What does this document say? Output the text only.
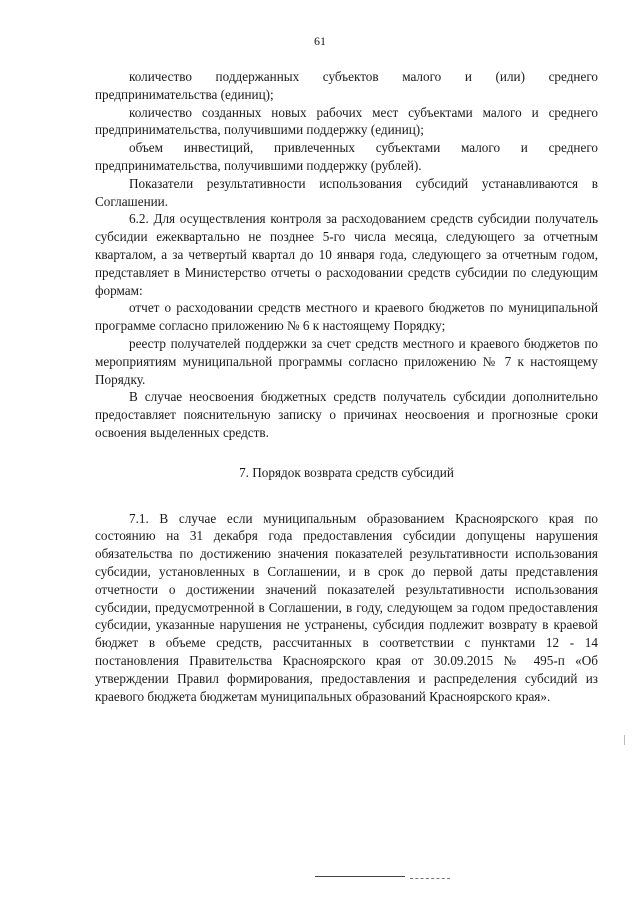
61

количество поддержанных субъектов малого и (или) среднего предпринимательства (единиц);

количество созданных новых рабочих мест субъектами малого и среднего предпринимательства, получившими поддержку (единиц);

объем инвестиций, привлеченных субъектами малого и среднего предпринимательства, получившими поддержку (рублей).

Показатели результативности использования субсидий устанавливаются в Соглашении.

6.2. Для осуществления контроля за расходованием средств субсидии получатель субсидии ежеквартально не позднее 5-го числа месяца, следующего за отчетным кварталом, а за четвертый квартал до 10 января года, следующего за отчетным годом, представляет в Министерство отчеты о расходовании средств субсидии по следующим формам:

отчет о расходовании средств местного и краевого бюджетов по муниципальной программе согласно приложению № 6 к настоящему Порядку;

реестр получателей поддержки за счет средств местного и краевого бюджетов по мероприятиям муниципальной программы согласно приложению № 7 к настоящему Порядку.

В случае неосвоения бюджетных средств получатель субсидии дополнительно предоставляет пояснительную записку о причинах неосвоения и прогнозные сроки освоения выделенных средств.

7. Порядок возврата средств субсидий

7.1. В случае если муниципальным образованием Красноярского края по состоянию на 31 декабря года предоставления субсидии допущены нарушения обязательства по достижению значения показателей результативности использования субсидии, установленных в Соглашении, и в срок до первой даты представления отчетности о достижении значений показателей результативности использования субсидии, предусмотренной в Соглашении, в году, следующем за годом предоставления субсидии, указанные нарушения не устранены, субсидия подлежит возврату в краевой бюджет в объеме средств, рассчитанных в соответствии с пунктами 12 - 14 постановления Правительства Красноярского края от 30.09.2015 № 495-п «Об утверждении Правил формирования, предоставления и распределения субсидий из краевого бюджета бюджетам муниципальных образований Красноярского края».
